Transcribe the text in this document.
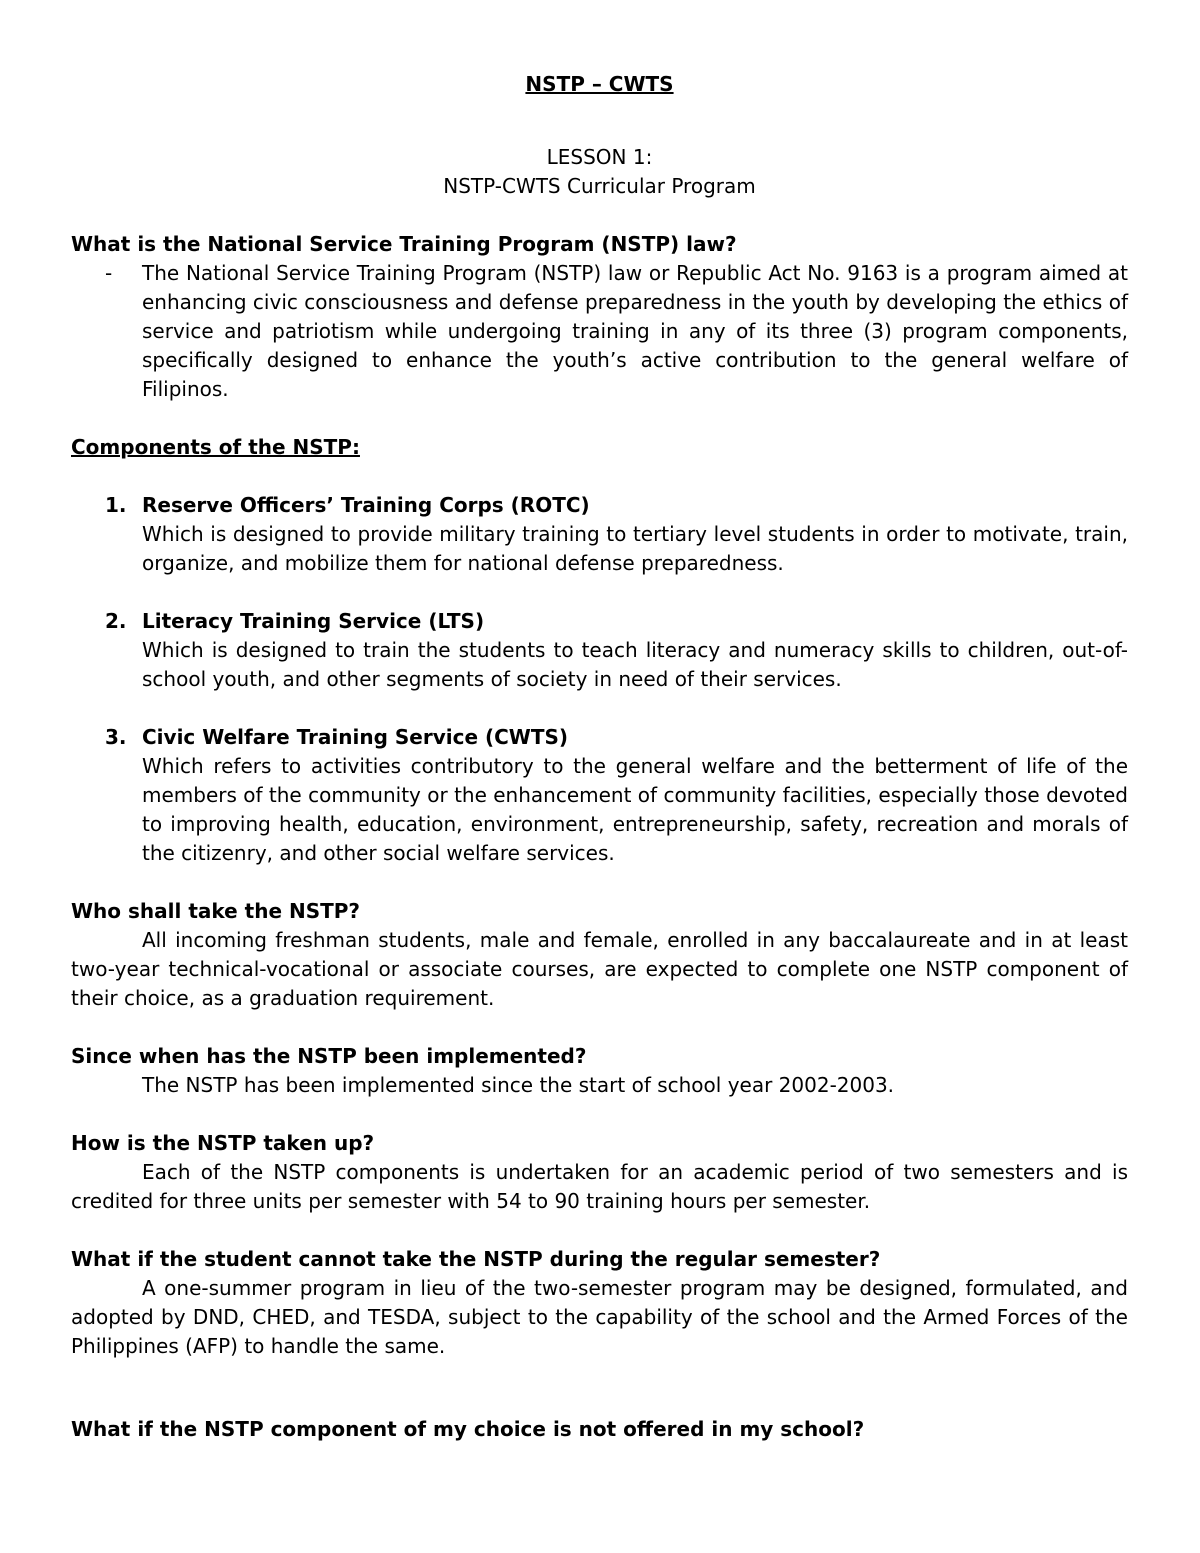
NSTP – CWTS

LESSON 1:

NSTP-CWTS Curricular Program

What is the National Service Training Program (NSTP) law?

-	The National Service Training Program (NSTP) law or Republic Act No. 9163 is a program aimed at enhancing civic consciousness and defense preparedness in the youth by developing the ethics of service and patriotism while undergoing training in any of its three (3) program components, specifically designed to enhance the youth’s active contribution to the general welfare of Filipinos.

Components of the NSTP:

1. Reserve Officers’ Training Corps (ROTC)

Which is designed to provide military training to tertiary level students in order to motivate, train, organize, and mobilize them for national defense preparedness.

2. Literacy Training Service (LTS)

Which is designed to train the students to teach literacy and numeracy skills to children, out-of-school youth, and other segments of society in need of their services.

3. Civic Welfare Training Service (CWTS)

Which refers to activities contributory to the general welfare and the betterment of life of the members of the community or the enhancement of community facilities, especially those devoted to improving health, education, environment, entrepreneurship, safety, recreation and morals of the citizenry, and other social welfare services.

Who shall take the NSTP?

All incoming freshman students, male and female, enrolled in any baccalaureate and in at least two-year technical-vocational or associate courses, are expected to complete one NSTP component of their choice, as a graduation requirement.

Since when has the NSTP been implemented?

The NSTP has been implemented since the start of school year 2002-2003.

How is the NSTP taken up?

Each of the NSTP components is undertaken for an academic period of two semesters and is credited for three units per semester with 54 to 90 training hours per semester.

What if the student cannot take the NSTP during the regular semester?

A one-summer program in lieu of the two-semester program may be designed, formulated, and adopted by DND, CHED, and TESDA, subject to the capability of the school and the Armed Forces of the Philippines (AFP) to handle the same.

What if the NSTP component of my choice is not offered in my school?
